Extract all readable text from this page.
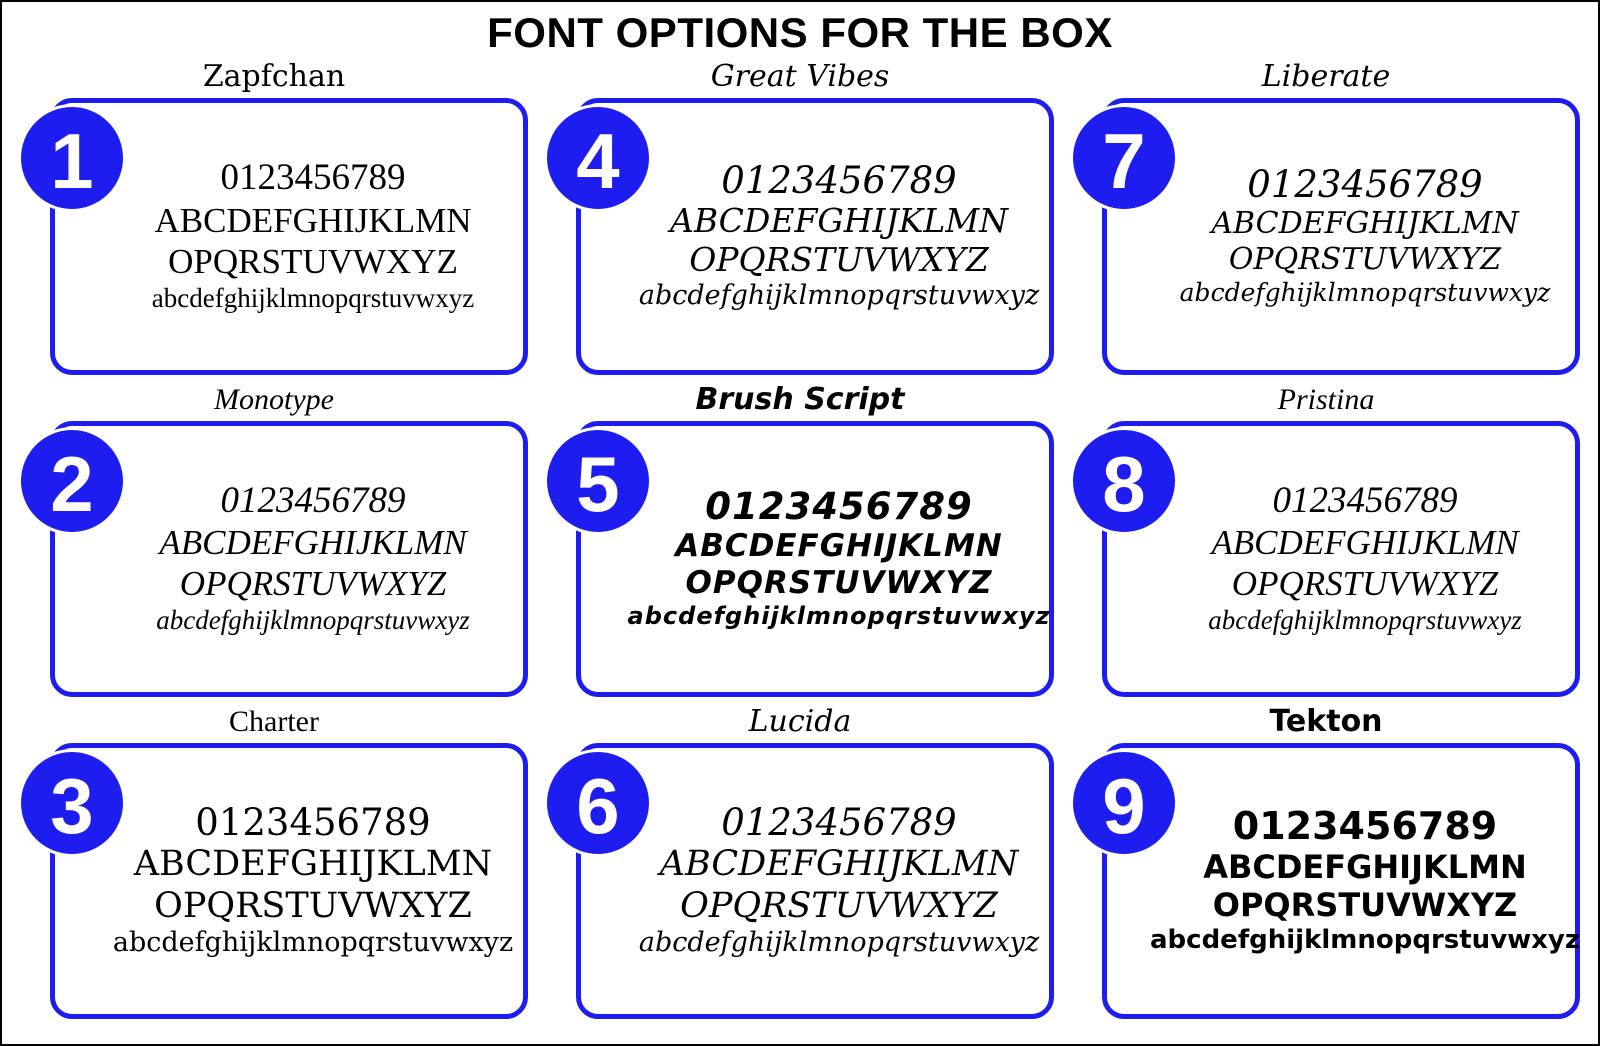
FONT OPTIONS FOR THE BOX
Zapfchan
0123456789
ABCDEFGHIJKLMN
OPQRSTUVWXYZ
abcdefghijklmnopqrstuvwxyz
1
Great Vibes
0123456789
ABCDEFGHIJKLMN
OPQRSTUVWXYZ
abcdefghijklmnopqrstuvwxyz
4
Liberate
0123456789
ABCDEFGHIJKLMN
OPQRSTUVWXYZ
abcdefghijklmnopqrstuvwxyz
7
Monotype
0123456789
ABCDEFGHIJKLMN
OPQRSTUVWXYZ
abcdefghijklmnopqrstuvwxyz
2
Brush Script
0123456789
ABCDEFGHIJKLMN
OPQRSTUVWXYZ
abcdefghijklmnopqrstuvwxyz
5
Pristina
0123456789
ABCDEFGHIJKLMN
OPQRSTUVWXYZ
abcdefghijklmnopqrstuvwxyz
8
Charter
0123456789
ABCDEFGHIJKLMN
OPQRSTUVWXYZ
abcdefghijklmnopqrstuvwxyz
3
Lucida
0123456789
ABCDEFGHIJKLMN
OPQRSTUVWXYZ
abcdefghijklmnopqrstuvwxyz
6
Tekton
0123456789
ABCDEFGHIJKLMN
OPQRSTUVWXYZ
abcdefghijklmnopqrstuvwxyz
9
